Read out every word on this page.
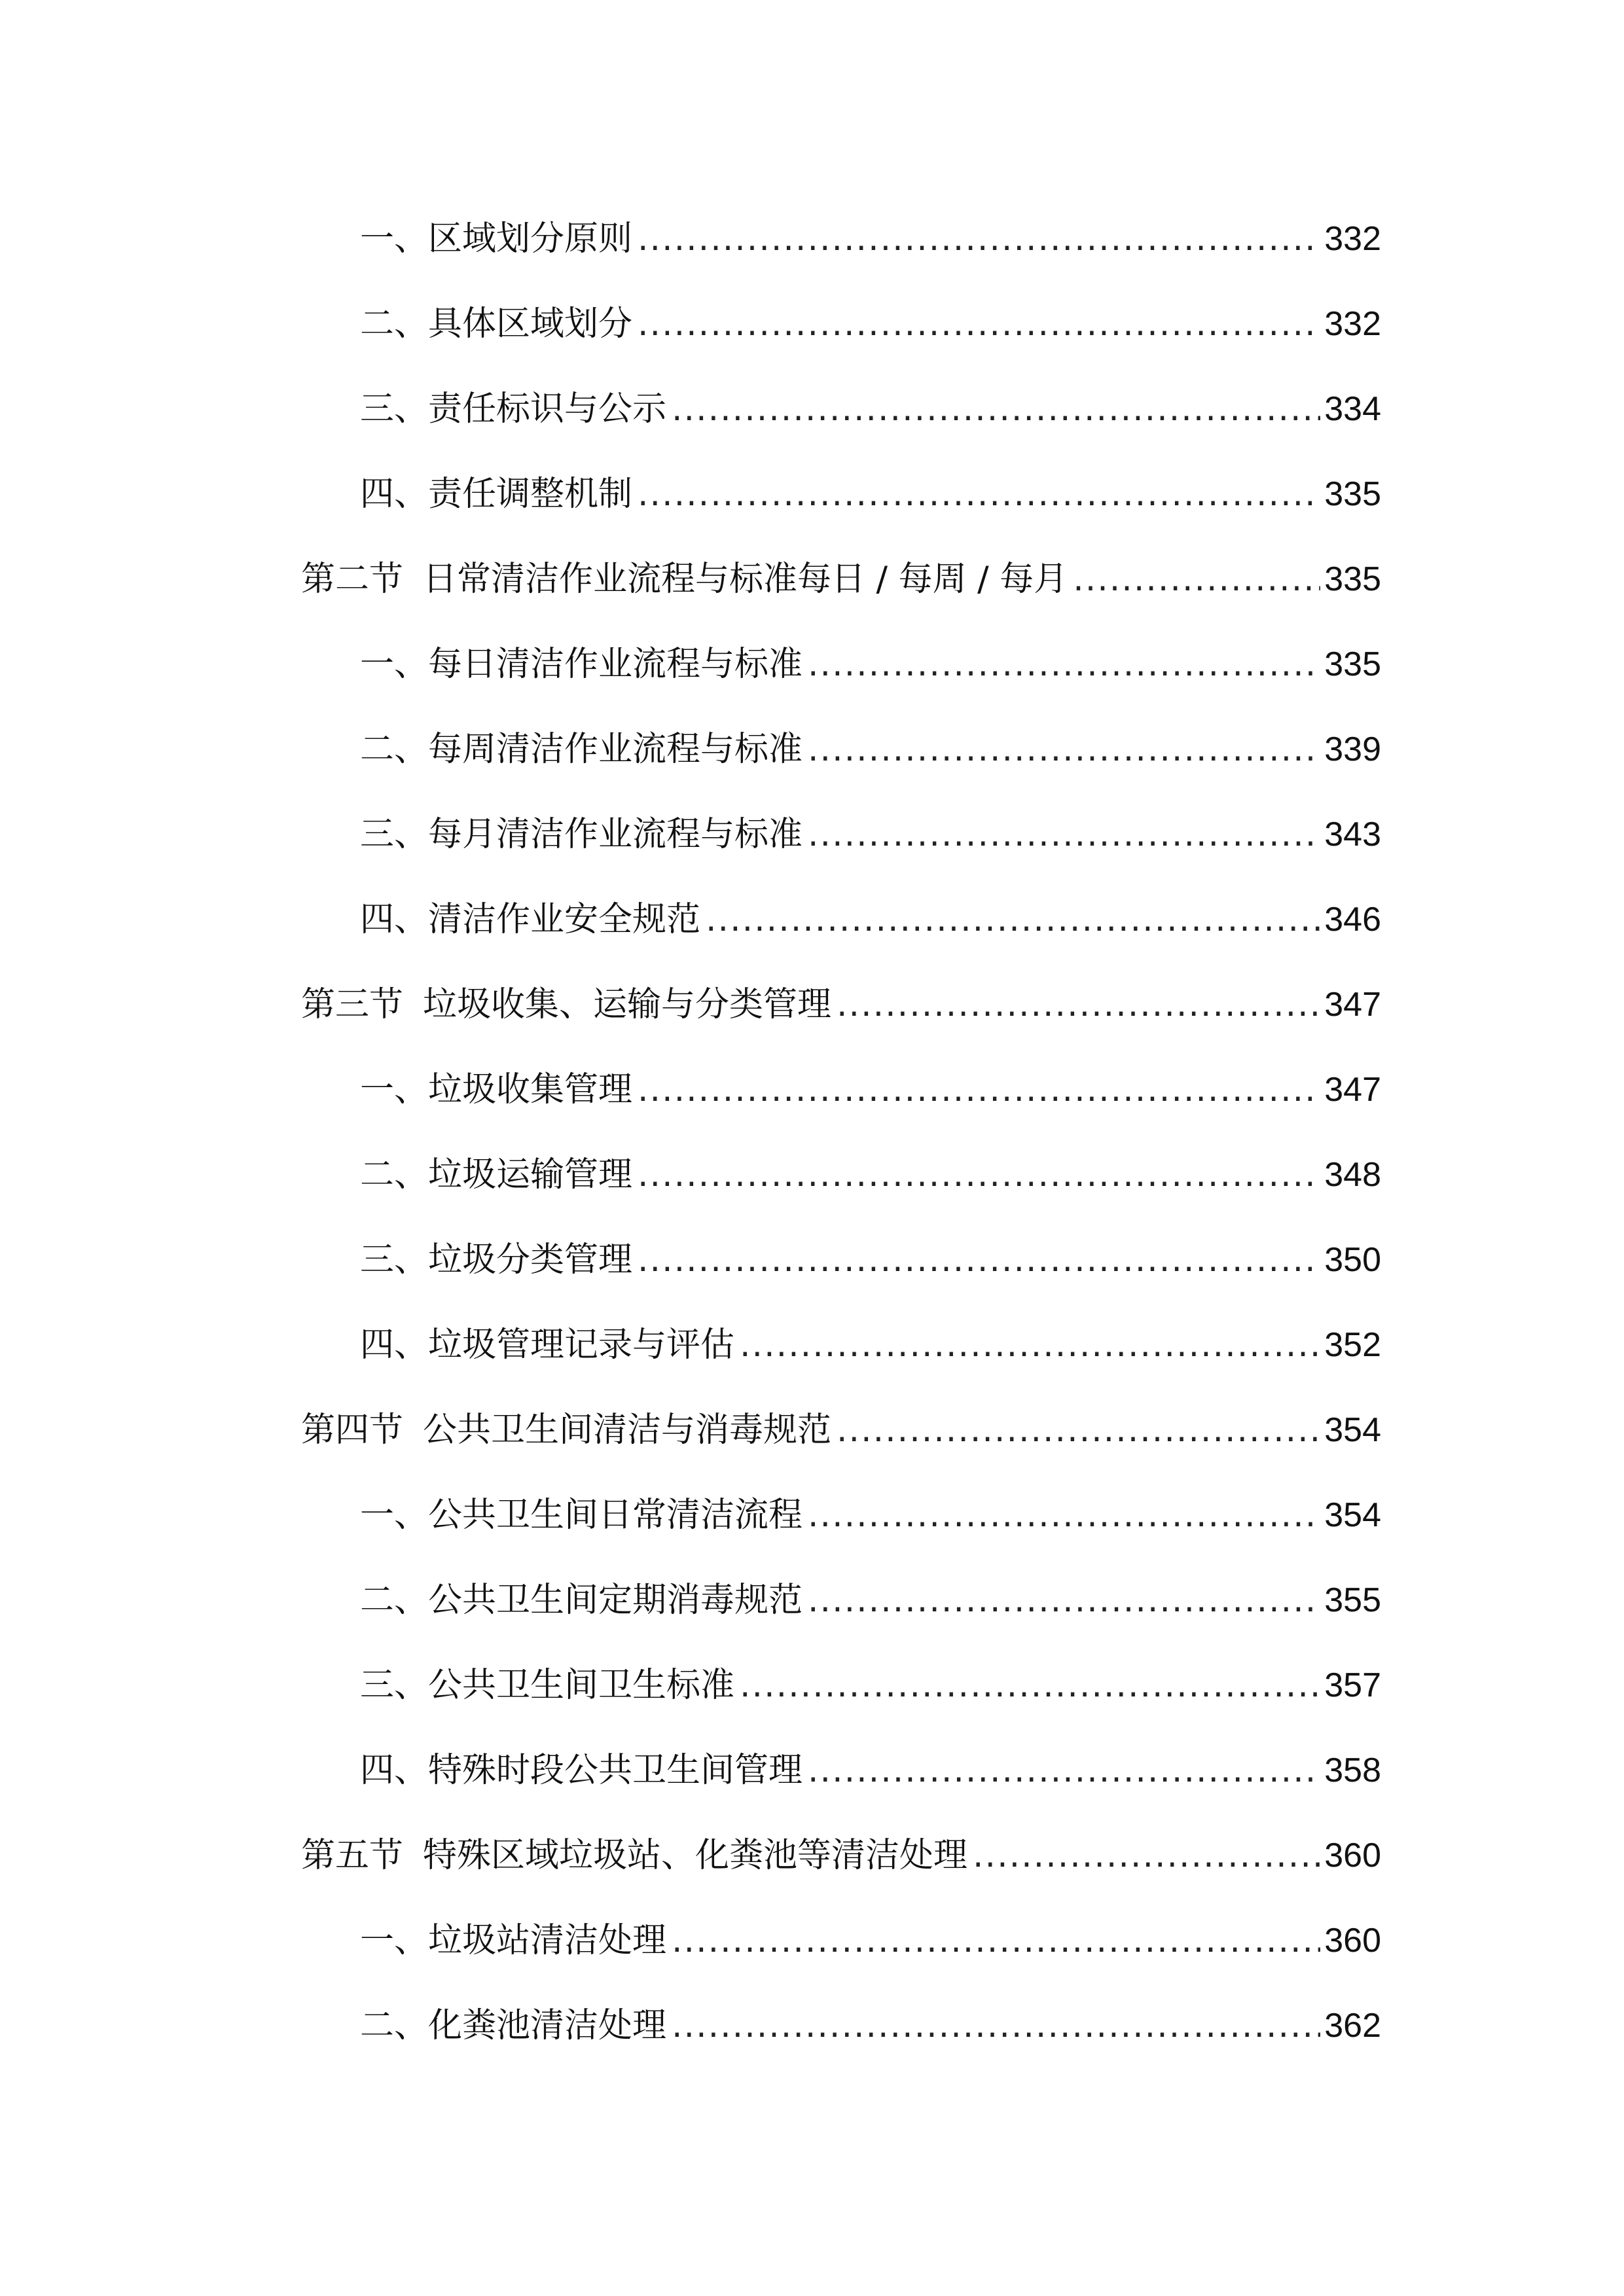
一、 区域划分原则 .....	332
二、 具体区域划分 .....	332
三、 责任标识与公示 .....	334
四、 责任调整机制 .....	335
第二节 日常清洁作业流程与标准每日 / 每周 / 每月 .....	335
一、 每日清洁作业流程与标准 .....	335
二、 每周清洁作业流程与标准 .....	339
三、 每月清洁作业流程与标准 .....	343
四、 清洁作业安全规范 .....	346
第三节 垃圾收集、运输与分类管理 .....	347
一、 垃圾收集管理 .....	347
二、 垃圾运输管理 .....	348
三、 垃圾分类管理 .....	350
四、 垃圾管理记录与评估 .....	352
第四节 公共卫生间清洁与消毒规范 .....	354
一、 公共卫生间日常清洁流程 .....	354
二、 公共卫生间定期消毒规范 .....	355
三、 公共卫生间卫生标准 .....	357
四、 特殊时段公共卫生间管理 .....	358
第五节 特殊区域垃圾站、化粪池等清洁处理 .....	360
一、 垃圾站清洁处理 .....	360
二、 化粪池清洁处理 .....	362
